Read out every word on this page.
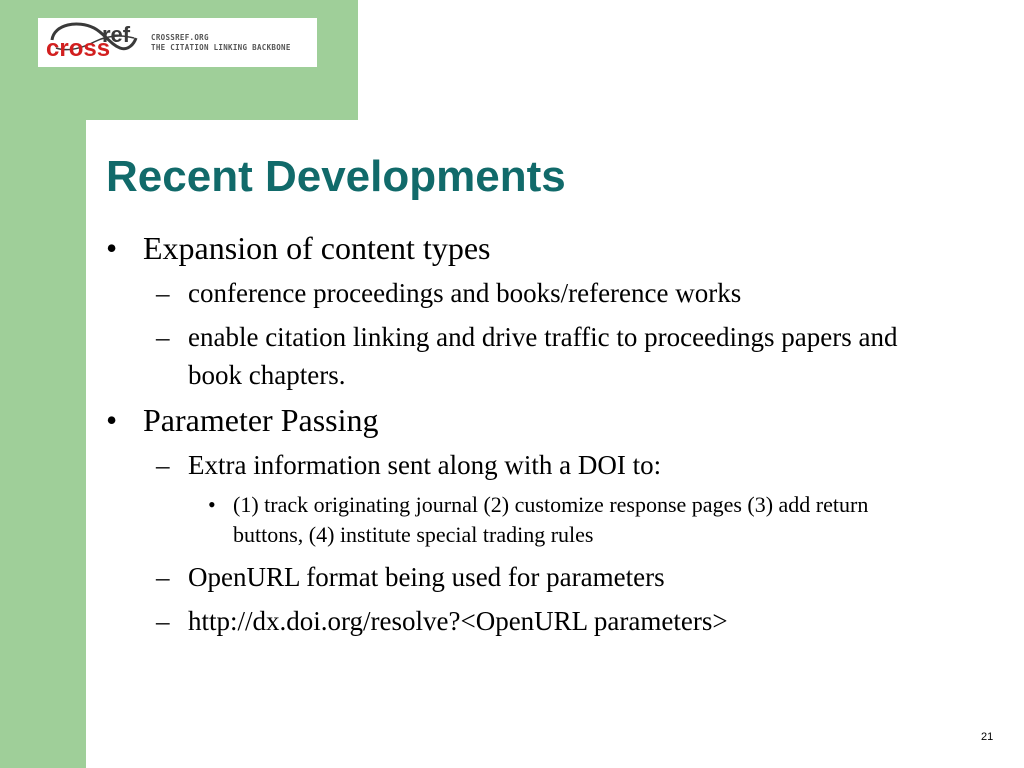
cross
ref	CROSSREF.ORG
THE CITATION LINKING BACKBONE
Recent Developments
• Expansion of content types
– conference proceedings and books/reference works
– enable citation linking and drive traffic to proceedings papers and book chapters.
• Parameter Passing
– Extra information sent along with a DOI to:
• (1) track originating journal (2) customize response pages (3) add return buttons, (4) institute special trading rules
– OpenURL format being used for parameters
– http://dx.doi.org/resolve?<OpenURL parameters>
21
